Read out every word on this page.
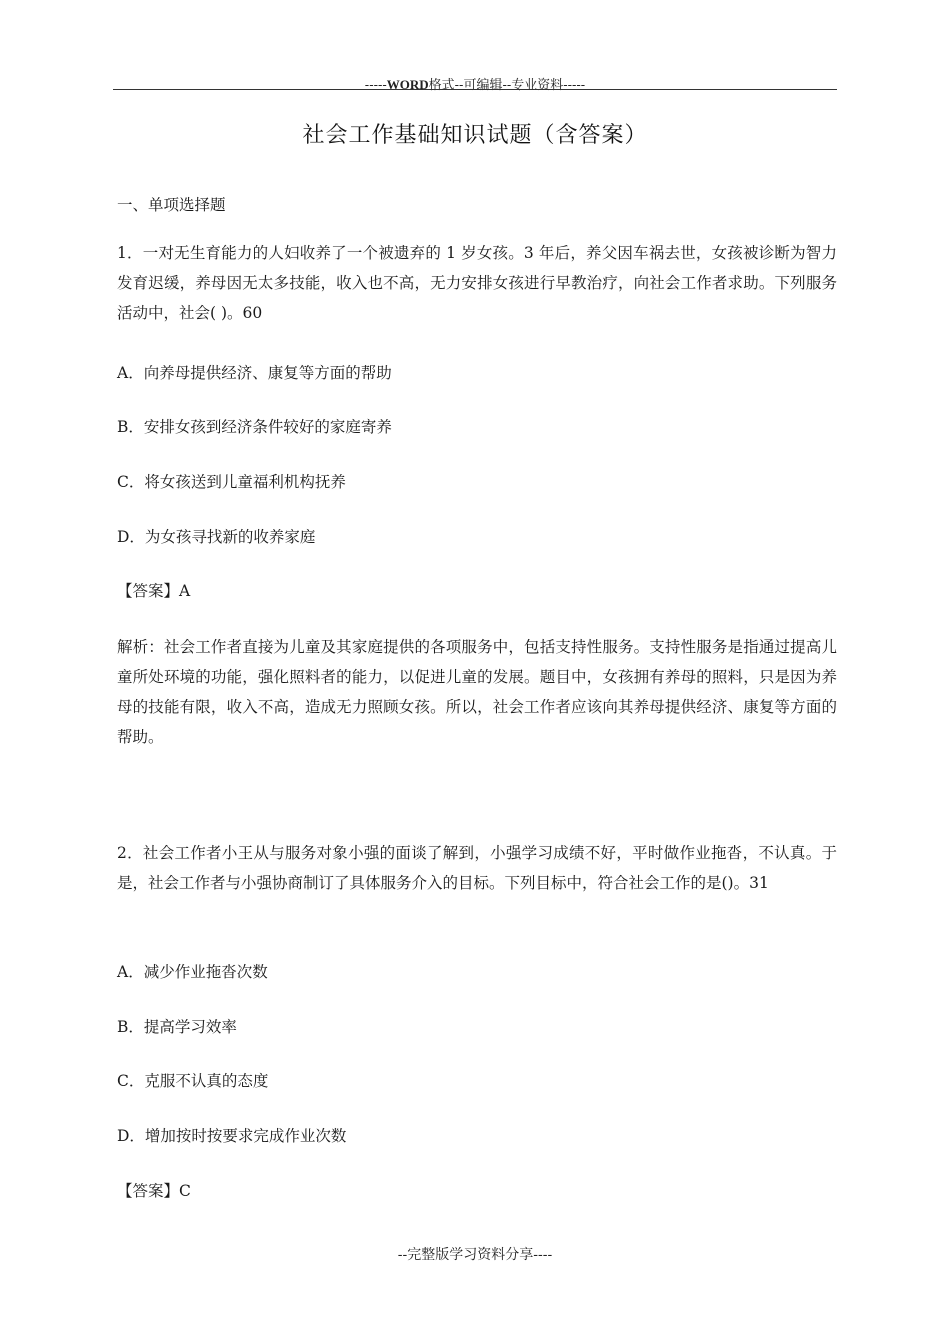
-----WORD格式--可编辑--专业资料-----
社会工作基础知识试题（含答案）

一、单项选择题

1．一对无生育能力的人妇收养了一个被遗弃的 1 岁女孩。3 年后，养父因车祸去世，女孩被诊断为智力发育迟缓，养母因无太多技能，收入也不高，无力安排女孩进行早教治疗，向社会工作者求助。下列服务活动中，社会( )。60

A．向养母提供经济、康复等方面的帮助

B．安排女孩到经济条件较好的家庭寄养

C．将女孩送到儿童福利机构抚养

D．为女孩寻找新的收养家庭

【答案】A

解析：社会工作者直接为儿童及其家庭提供的各项服务中，包括支持性服务。支持性服务是指通过提高儿童所处环境的功能，强化照料者的能力，以促进儿童的发展。题目中，女孩拥有养母的照料，只是因为养母的技能有限，收入不高，造成无力照顾女孩。所以，社会工作者应该向其养母提供经济、康复等方面的帮助。

2．社会工作者小王从与服务对象小强的面谈了解到，小强学习成绩不好，平时做作业拖沓，不认真。于是，社会工作者与小强协商制订了具体服务介入的目标。下列目标中，符合社会工作的是()。31

A．减少作业拖沓次数

B．提高学习效率

C．克服不认真的态度

D．增加按时按要求完成作业次数

【答案】C

--完整版学习资料分享----
